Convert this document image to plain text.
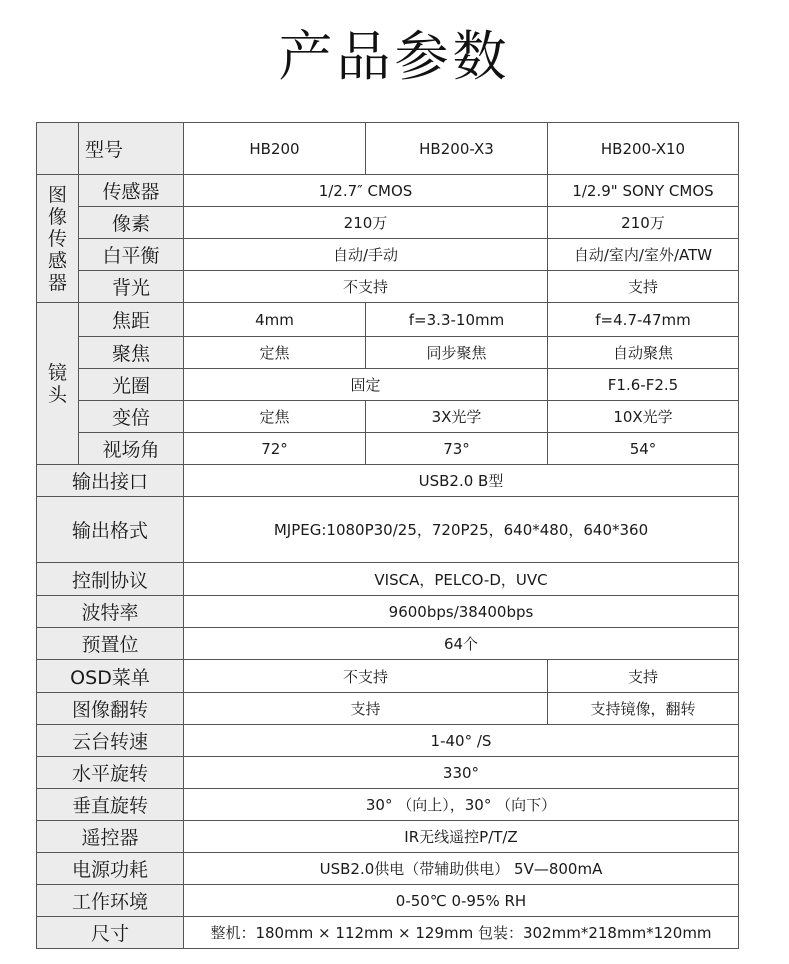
产品参数
	型号	HB200	HB200-X3	HB200-X10

图
像
传
感
器	传感器	1/2.7″ CMOS		1/2.9" SONY CMOS
	像素	210万		210万
	白平衡	自动/手动		自动/室内/室外/ATW
	背光	不支持		支持

镜
头	焦距	4mm	f=3.3-10mm	f=4.7-47mm
	聚焦	定焦	同步聚焦	自动聚焦
	光圈	固定		F1.6-F2.5
	变倍	定焦	3X光学	10X光学
	视场角	72°	73°	54°
输出接口		USB2.0 B型		
输出格式		MJPEG:1080P30/25，720P25，640*480，640*360		
控制协议		VISCA，PELCO-D，UVC		
波特率		9600bps/38400bps		
预置位		64个		
OSD菜单		不支持		支持
图像翻转		支持		支持镜像，翻转
云台转速		1-40° /S		
水平旋转		330°		
垂直旋转		30° （向上），30° （向下）		
遥控器		IR无线遥控P/T/Z		
电源功耗		USB2.0供电（带辅助供电） 5V—800mA		
工作环境		0-50℃ 0-95% RH		
尺寸		整机：180mm × 112mm × 129mm 包装：302mm*218mm*120mm		
